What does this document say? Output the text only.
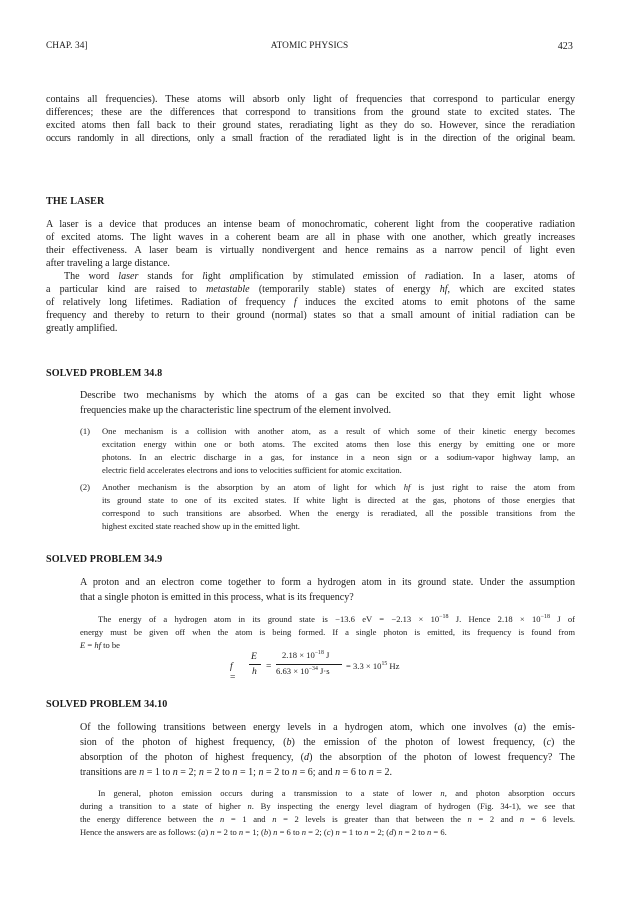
CHAP. 34]	ATOMIC PHYSICS	423
contains all frequencies). These atoms will absorb only light of frequencies that correspond to particular energy
differences; these are the differences that correspond to transitions from the ground state to excited states. The
excited atoms then fall back to their ground states, reradiating light as they do so. However, since the reradiation
occurs randomly in all directions, only a small fraction of the reradiated light is in the direction of the original beam.
THE LASER
A laser is a device that produces an intense beam of monochromatic, coherent light from the cooperative radiation
of excited atoms. The light waves in a coherent beam are all in phase with one another, which greatly increases
their effectiveness. A laser beam is virtually nondivergent and hence remains as a narrow pencil of light even
after traveling a large distance.
The word laser stands for light amplification by stimulated emission of radiation. In a laser, atoms of
a particular kind are raised to metastable (temporarily stable) states of energy hf, which are excited states
of relatively long lifetimes. Radiation of frequency f induces the excited atoms to emit photons of the same
frequency and thereby to return to their ground (normal) states so that a small amount of initial radiation can be
greatly amplified.
SOLVED PROBLEM 34.8
Describe two mechanisms by which the atoms of a gas can be excited so that they emit light whose
frequencies make up the characteristic line spectrum of the element involved.
(1) One mechanism is a collision with another atom, as a result of which some of their kinetic energy becomes
excitation energy within one or both atoms. The excited atoms then lose this energy by emitting one or more
photons. In an electric discharge in a gas, for instance in a neon sign or a sodium-vapor highway lamp, an
electric field accelerates electrons and ions to velocities sufficient for atomic excitation.
(2) Another mechanism is the absorption by an atom of light for which hf is just right to raise the atom from
its ground state to one of its excited states. If white light is directed at the gas, photons of those energies that
correspond to such transitions are absorbed. When the energy is reradiated, all the possible transitions from the
highest excited state reached show up in the emitted light.
SOLVED PROBLEM 34.9
A proton and an electron come together to form a hydrogen atom in its ground state. Under the assumption
that a single photon is emitted in this process, what is its frequency?
The energy of a hydrogen atom in its ground state is −13.6 eV = $-2.13 \times 10^{-18}$ J. Hence $2.18 \times 10^{-18}$ J of
energy must be given off when the atom is being formed. If a single photon is emitted, its frequency is found from
E = hf to be
f =
E
h =
$2.18 \times 10^{-18}$ J
$6.63 \times 10^{-34}$ $J\cdot s = 3.3 \times 10^{15}$ Hz
SOLVED PROBLEM 34.10
Of the following transitions between energy levels in a hydrogen atom, which one involves (a) the emis-
sion of the photon of highest frequency, (b) the emission of the photon of lowest frequency, (c) the
absorption of the photon of highest frequency, (d) the absorption of the photon of lowest frequency? The
transitions are n = 1 to n = 2; n = 2 to n = 1; n = 2 to n = 6; and n = 6 to n = 2.
In general, photon emission occurs during a transmission to a state of lower n, and photon absorption occurs
during a transition to a state of higher n. By inspecting the energy level diagram of hydrogen (Fig. 34-1), we see that
the energy difference between the n = 1 and n = 2 levels is greater than that between the n = 2 and n = 6 levels.
Hence the answers are as follows: (a) n = 2 to n = 1; (b) n = 6 to n = 2; (c) n = 1 to n = 2; (d) n = 2 to n = 6.
